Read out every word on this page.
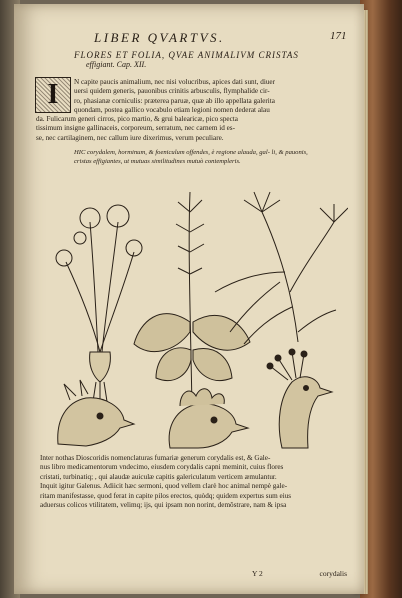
LIBER QVARTVS.	171
FLORES ET FOLIA, QVAE ANIMALIVM CRISTAS
effigiant. Cap. XII.
I	N capite paucis animalium, nec nisi volucribus, apices dati sunt, diuer
uersi quidem generis, pauonibus crinitis arbusculis, flymphalide cir-
ro, phasianæ corniculis: præterea paruæ, quæ ab illo appellata galerita
quondam, postea gallico vocabulo etiam legioni nomen dederat alau
da. Fulicarum generi cirros, pico martio, & grui balearicæ, pico specta
tissimum insigne gallinaceis, corporeum, serratum, nec carnem id es-
se, nec cartilaginem, nec callum iure dixerimus, verum peculiare.
HIC corydalem, horminum, & foeniculum offendes, è regione alauda, gal- li, & pauonis, cristas effigiantes, ut mutuas similitudines mutuò contempleris.
Inter nothas Dioscoridis nomenclaturas fumariæ generum corydalis est, & Gale-
nus libro medicamentorum vndecimo, eiusdem corydalis capni meminit, cuius flores
cristati, turbinatiq; , qui alaudæ auiculæ capitis galericulatum verticem æmulantur.
Inquit igitur Galenus. Adiicit hæc sermoni, quod vellem clarè hoc animal nempè gale-
ritam manifestasse, quod ferat in capite pilos erectos, quòdq; quidem expertus sum eius
aduersus colicos vtilitatem, velimq; ijs, qui ipsam non norint, demõstrare, nam & ipsa
Y 2	corydalis
